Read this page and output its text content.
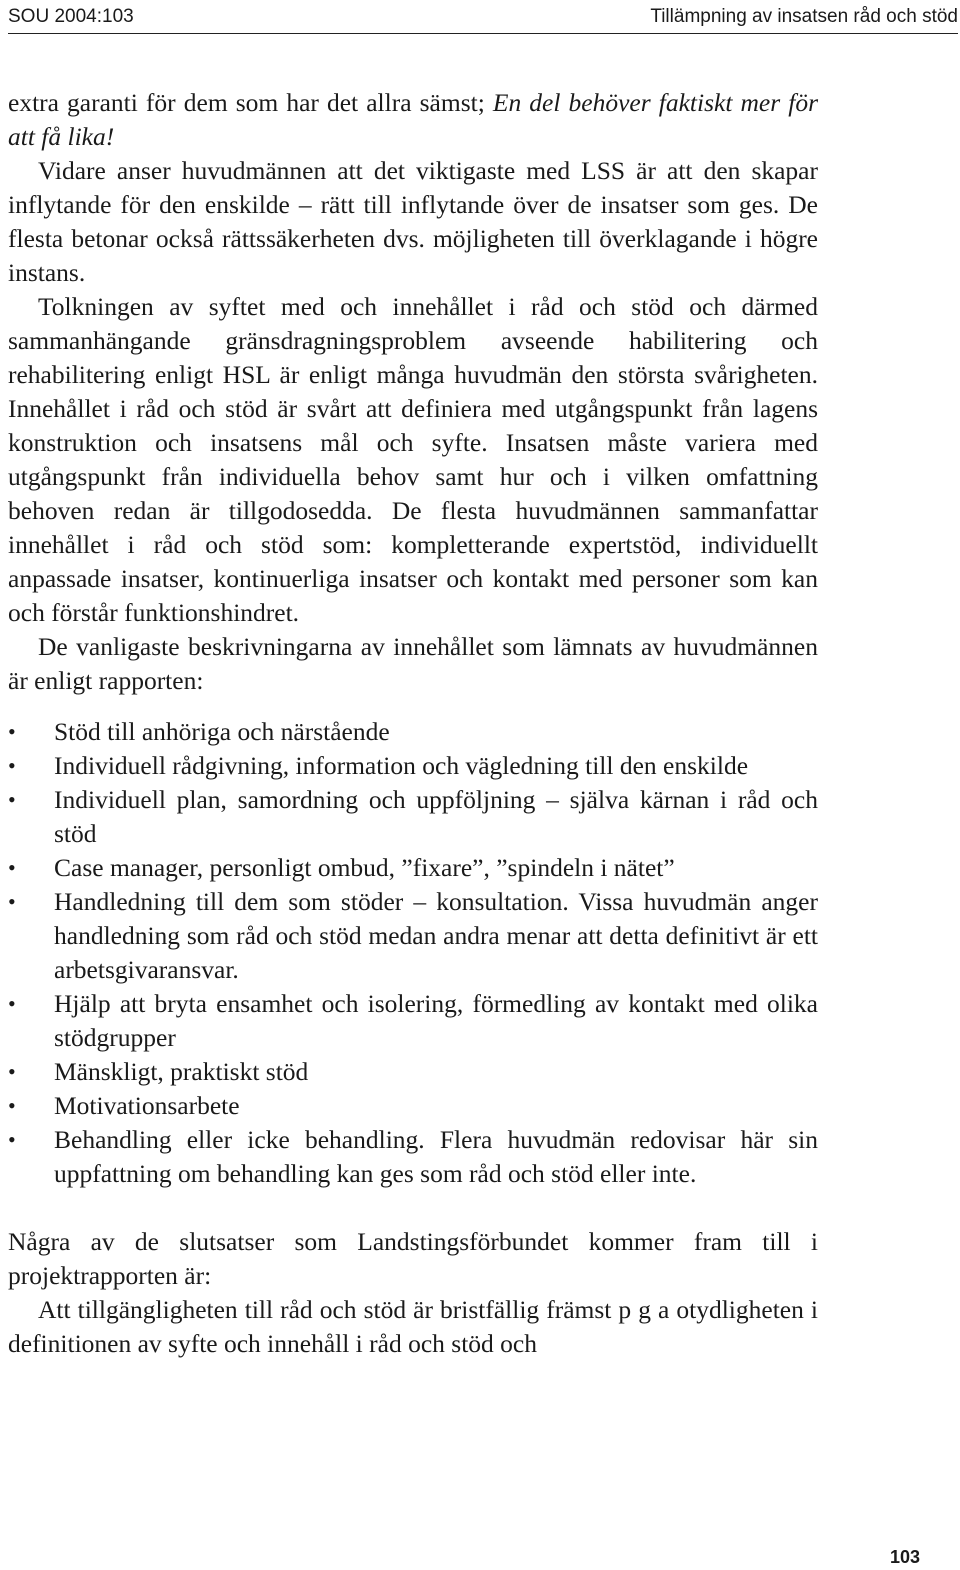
SOU 2004:103	Tillämpning av insatsen råd och stöd

extra garanti för dem som har det allra sämst; En del behöver faktiskt mer för att få lika!

Vidare anser huvudmännen att det viktigaste med LSS är att den skapar inflytande för den enskilde – rätt till inflytande över de insatser som ges. De flesta betonar också rättssäkerheten dvs. möjligheten till överklagande i högre instans.

Tolkningen av syftet med och innehållet i råd och stöd och därmed sammanhängande gränsdragningsproblem avseende habilitering och rehabilitering enligt HSL är enligt många huvudmän den största svårigheten. Innehållet i råd och stöd är svårt att definiera med utgångspunkt från lagens konstruktion och insatsens mål och syfte. Insatsen måste variera med utgångspunkt från individuella behov samt hur och i vilken omfattning behoven redan är tillgodosedda. De flesta huvudmännen sammanfattar innehållet i råd och stöd som: kompletterande expertstöd, individuellt anpassade insatser, kontinuerliga insatser och kontakt med personer som kan och förstår funktionshindret.

De vanligaste beskrivningarna av innehållet som lämnats av huvudmännen är enligt rapporten:

•	Stöd till anhöriga och närstående
•	Individuell rådgivning, information och vägledning till den enskilde
•	Individuell plan, samordning och uppföljning – själva kärnan i råd och stöd
•	Case manager, personligt ombud, ”fixare”, ”spindeln i nätet”
•	Handledning till dem som stöder – konsultation. Vissa huvudmän anger handledning som råd och stöd medan andra menar att detta definitivt är ett arbetsgivaransvar.
•	Hjälp att bryta ensamhet och isolering, förmedling av kontakt med olika stödgrupper
•	Mänskligt, praktiskt stöd
•	Motivationsarbete
•	Behandling eller icke behandling. Flera huvudmän redovisar här sin uppfattning om behandling kan ges som råd och stöd eller inte.

Några av de slutsatser som Landstingsförbundet kommer fram till i projektrapporten är:

Att tillgängligheten till råd och stöd är bristfällig främst p g a otydligheten i definitionen av syfte och innehåll i råd och stöd och

103
